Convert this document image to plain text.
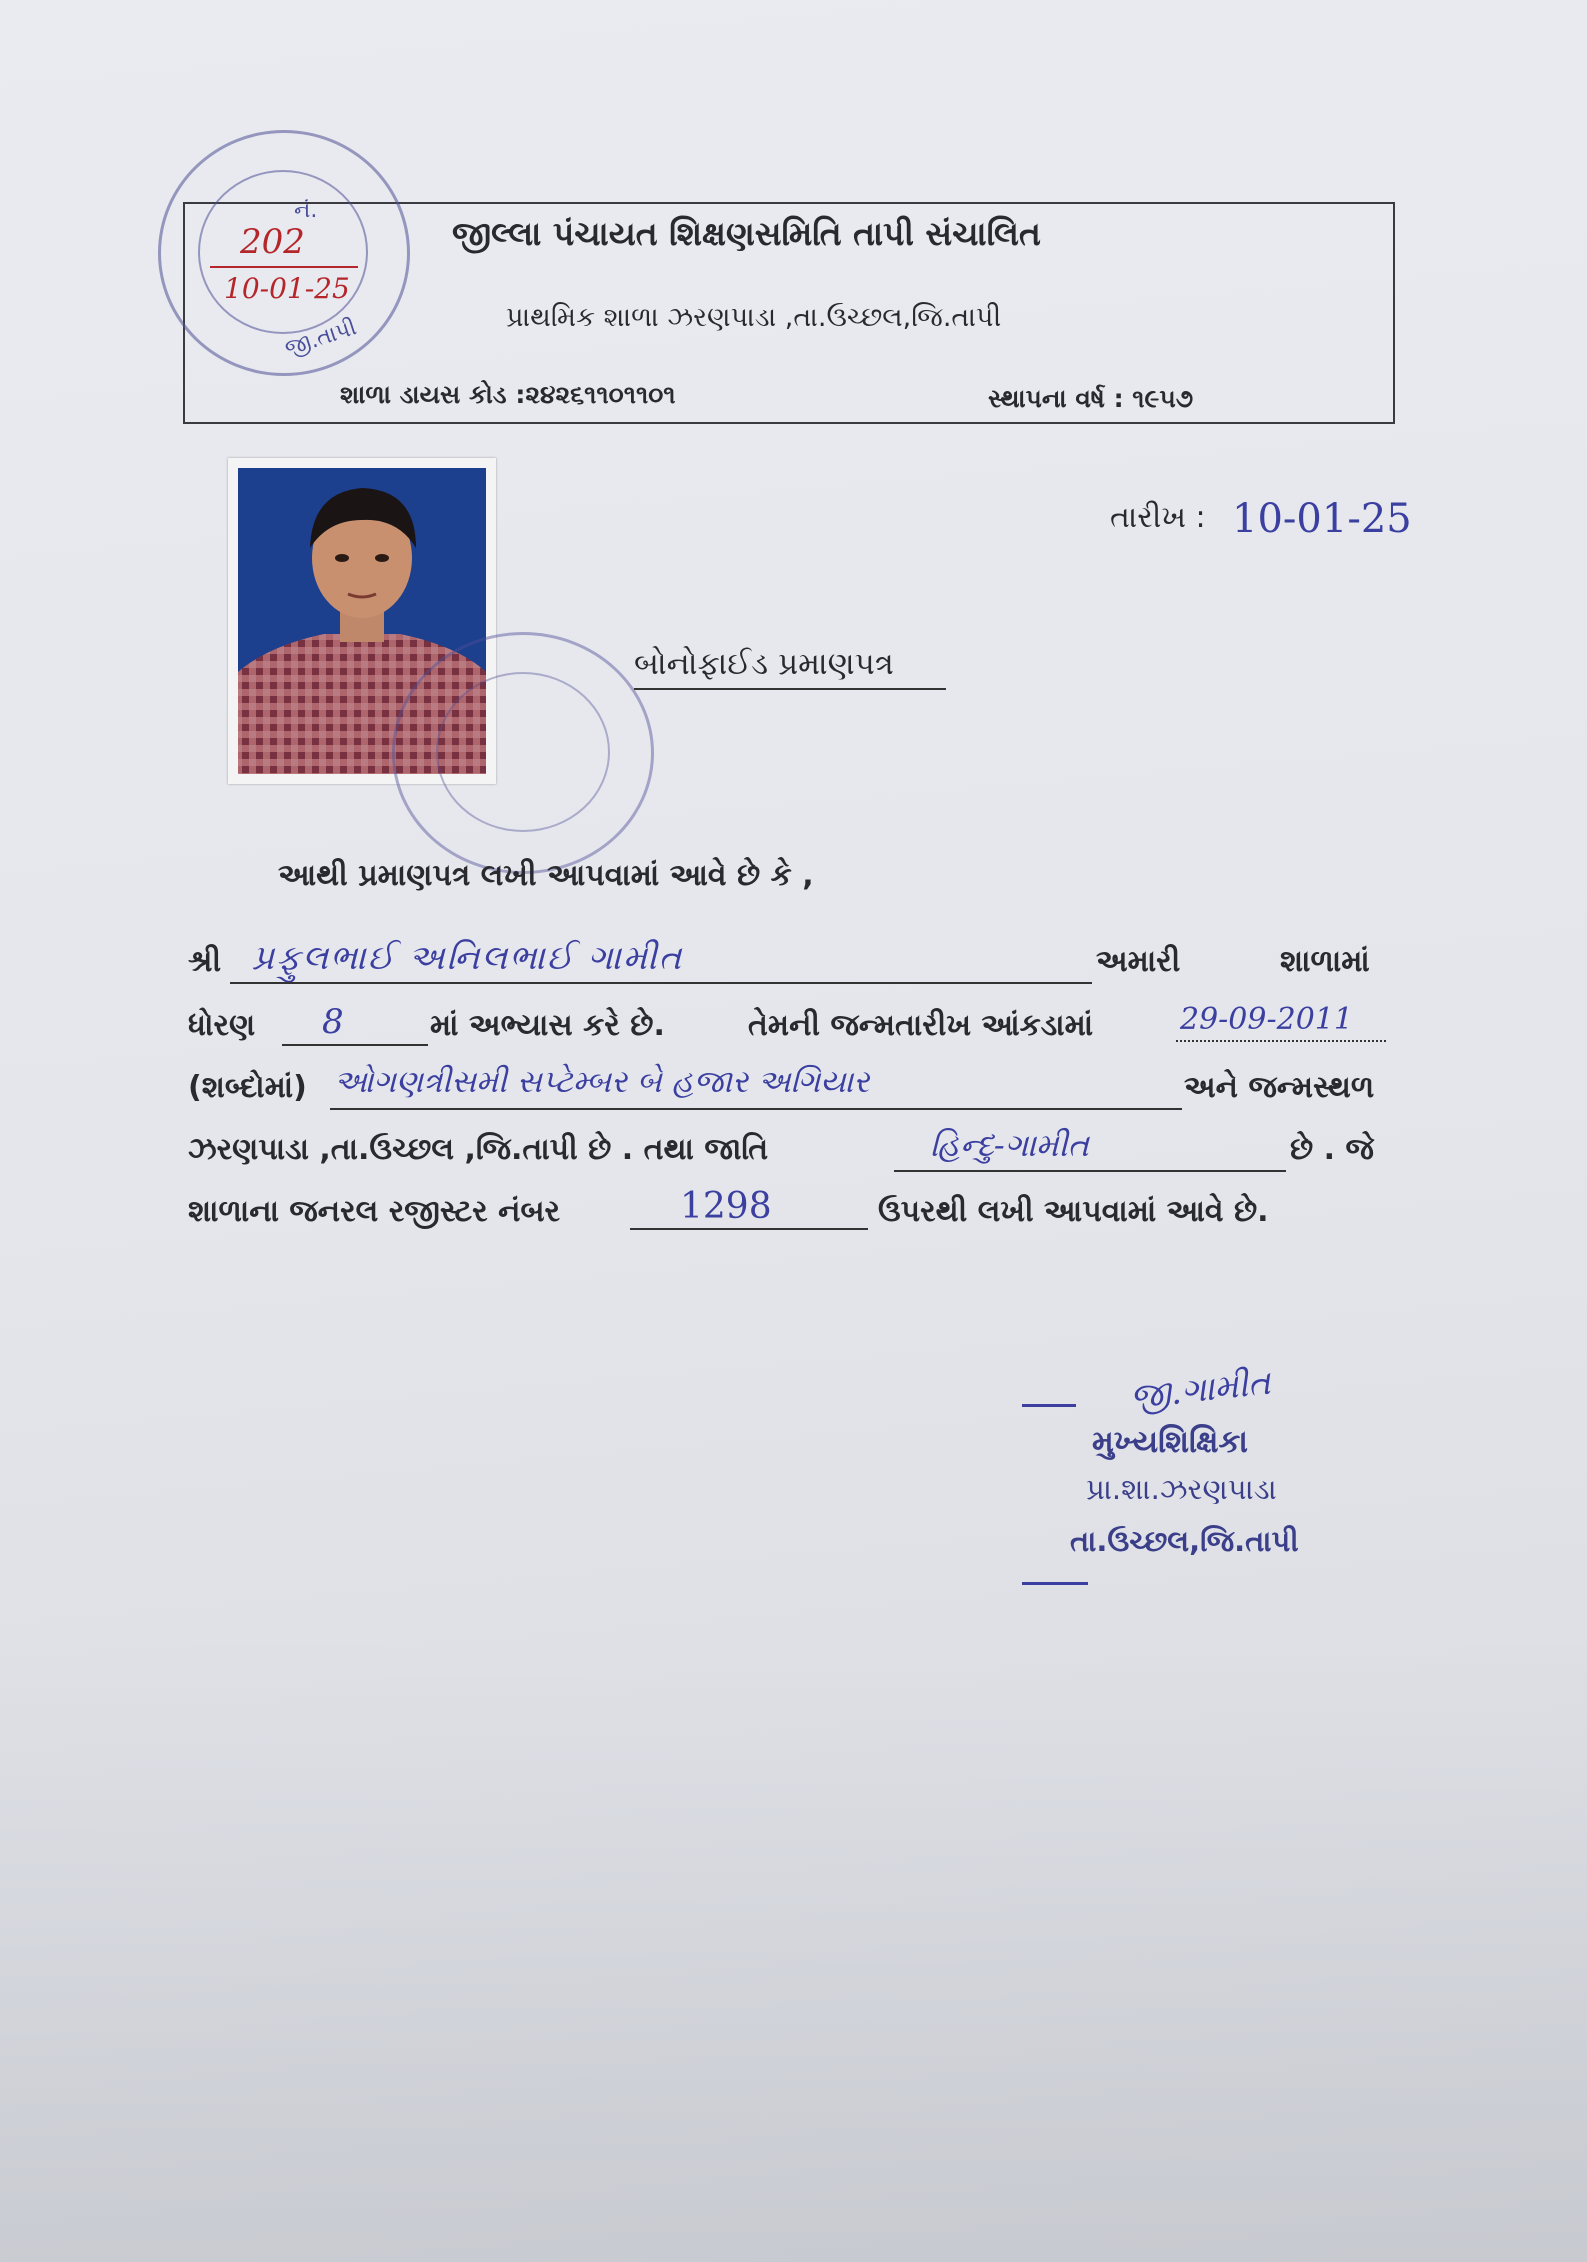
જીલ્લા પંચાયત શિક્ષણસમિતિ તાપી સંચાલિત
પ્રાથમિક શાળા ઝરણપાડા ,તા.ઉચ્છલ,જિ.તાપી
શાળા ડાયસ કોડ :૨૪૨૬૧૧૦૧૧૦૧	સ્થાપના વર્ષ : ૧૯૫૭
નં.
202
10-01-25
જી.તાપી
તારીખ : 10-01-25
બોનોફાઈડ પ્રમાણપત્ર
આથી પ્રમાણપત્ર લખી આપવામાં આવે છે કે ,
શ્રી પ્રફુલભાઈ અનિલભાઈ ગામીત	અમારી	શાળામાં
ધોરણ 8	માં અભ્યાસ કરે છે.	તેમની જન્મતારીખ આંકડામાં	29-09-2011
(શબ્દોમાં) ઓગણત્રીસમી સપ્ટેમ્બર બે હજાર અગિયાર	અને જન્મસ્થળ
ઝરણપાડા ,તા.ઉચ્છલ ,જિ.તાપી છે . તથા જાતિ	હિન્દુ-ગામીત	છે . જે
શાળાના જનરલ રજીસ્ટર નંબર	1298	ઉપરથી લખી આપવામાં આવે છે.
જી.ગામીત
મુખ્યશિક્ષિકા
પ્રા.શા.ઝરણપાડા
તા.ઉચ્છલ,જિ.તાપી
